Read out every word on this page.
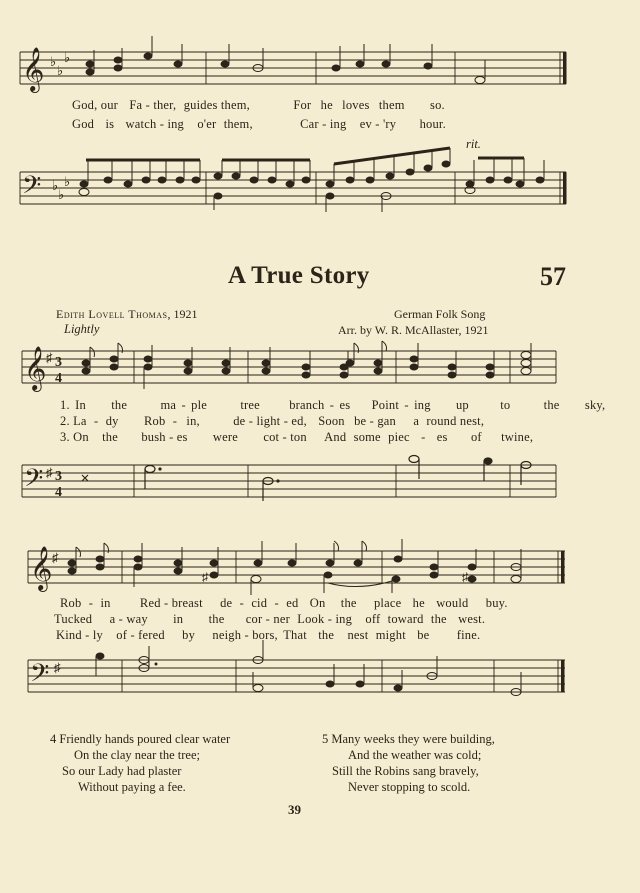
𝄞 ♭
♭
♭
God, our Fa - ther, guides them,	For he loves them so.
God is watch - ing o'er them,	Car - ing ev - 'ry hour.
rit.
𝄢 ♭
♭
♭
A True Story	57
Edith Lovell Thomas, 1921	German Folk Song
Arr. by W. R. McAllaster, 1921
Lightly
𝄞 ♯ 3
4
1. In the	ma - ple	tree branch - es Point - ing up	to	the sky,
2. La - dy Rob - in,	de - light - ed, Soon be - gan a round nest,
3. On the bush - es were cot - ton And some piec - es of twine,
𝄢 ♯ 3
4
𝄞 ♯
♯	♯
Rob - in Red - breast de - cid - ed On the place he would buy.
Tucked a - way in the cor - ner Look - ing off toward the west.
Kind - ly of - fered by neigh - bors, That the nest might be fine.
𝄢 ♯
4 Friendly hands poured clear water
On the clay near the tree;
So our Lady had plaster
Without paying a fee.
5 Many weeks they were building,
And the weather was cold;
Still the Robins sang bravely,
Never stopping to scold.
39
